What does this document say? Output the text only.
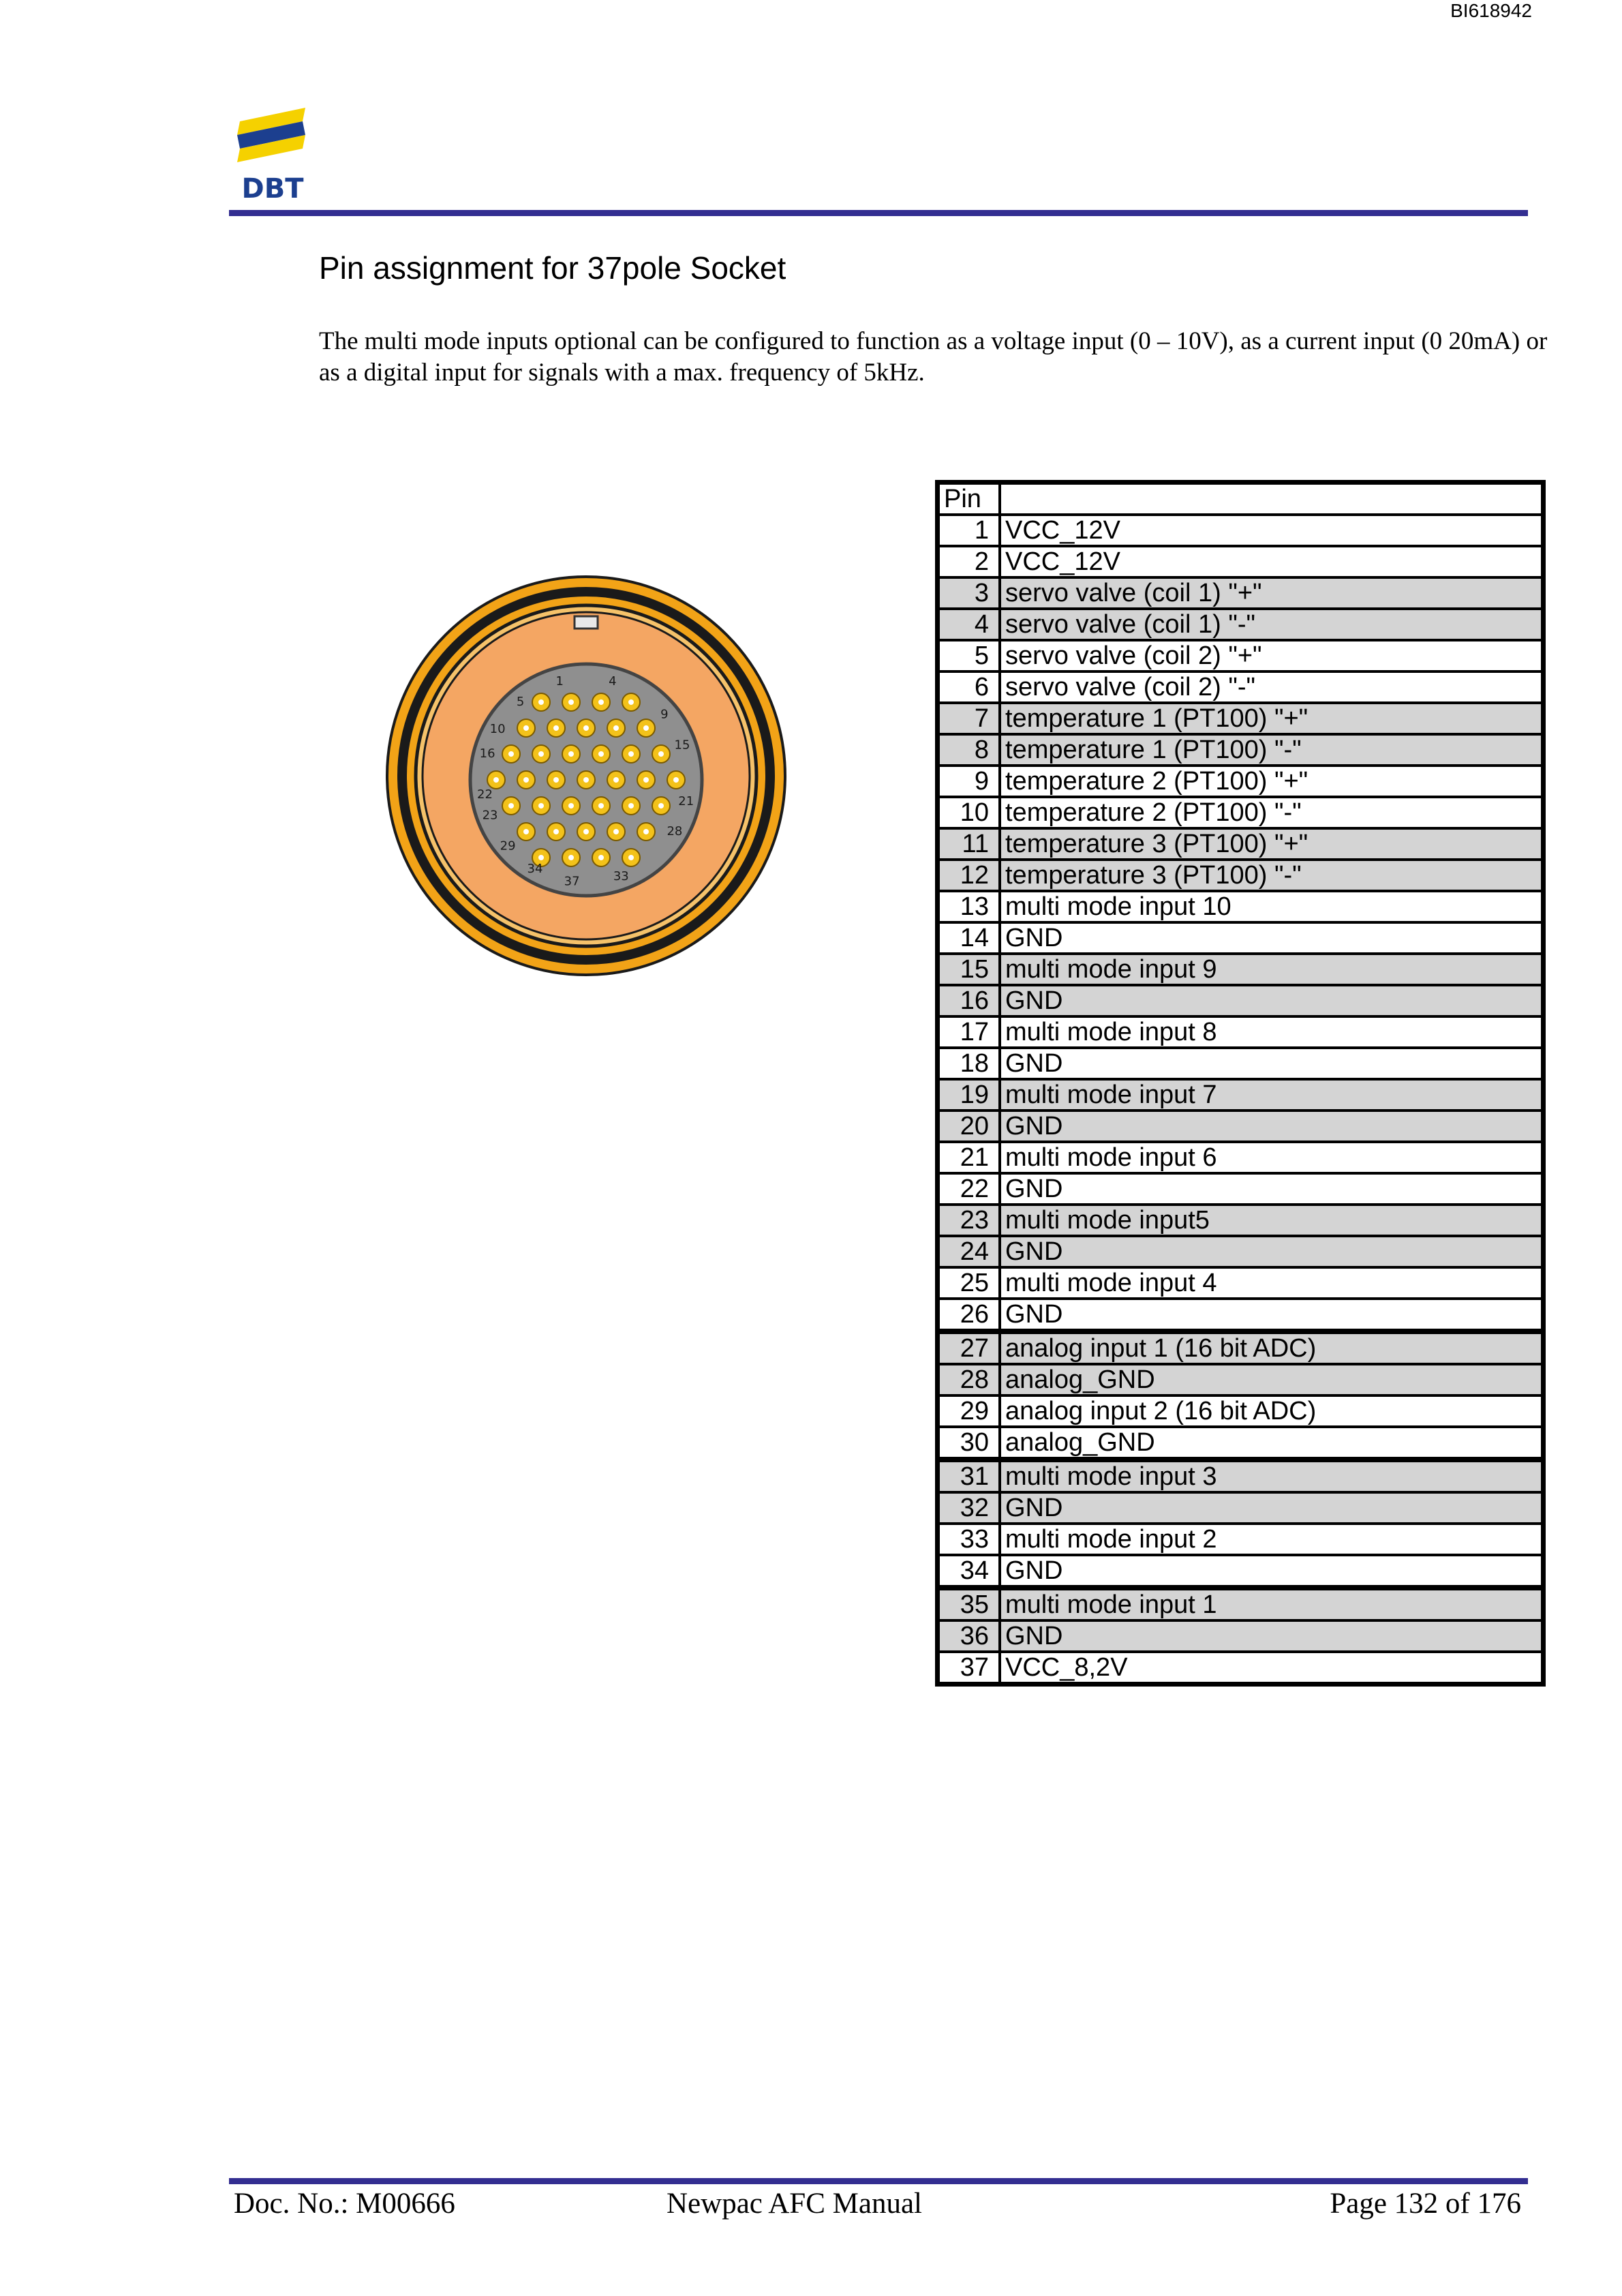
BI618942
DBT
Pin assignment for 37pole Socket
The multi mode inputs optional can be configured to function as a voltage input (0 – 10V), as a current input (0 20mA) or as a digital input for signals with a max. frequency of 5kHz.
1
5
10
16
22
23
29
34
37	33
28
21
15
9
4
Pin	
1	VCC_12V
2	VCC_12V
3	servo valve (coil 1) "+"
4	servo valve (coil 1) "-"
5	servo valve (coil 2) "+"
6	servo valve (coil 2) "-"
7	temperature 1 (PT100) "+"
8	temperature 1 (PT100) "-"
9	temperature 2 (PT100) "+"
10	temperature 2 (PT100) "-"
11	temperature 3 (PT100) "+"
12	temperature 3 (PT100) "-"
13	multi mode input 10
14	GND
15	multi mode input 9
16	GND
17	multi mode input 8
18	GND
19	multi mode input 7
20	GND
21	multi mode input 6
22	GND
23	multi mode input5
24	GND
25	multi mode input 4
26	GND
27	analog input 1 (16 bit ADC)
28	analog_GND
29	analog input 2 (16 bit ADC)
30	analog_GND
31	multi mode input 3
32	GND
33	multi mode input 2
34	GND
35	multi mode input 1
36	GND
37	VCC_8,2V
Doc. No.: M00666	Newpac AFC Manual	Page 132 of 176
